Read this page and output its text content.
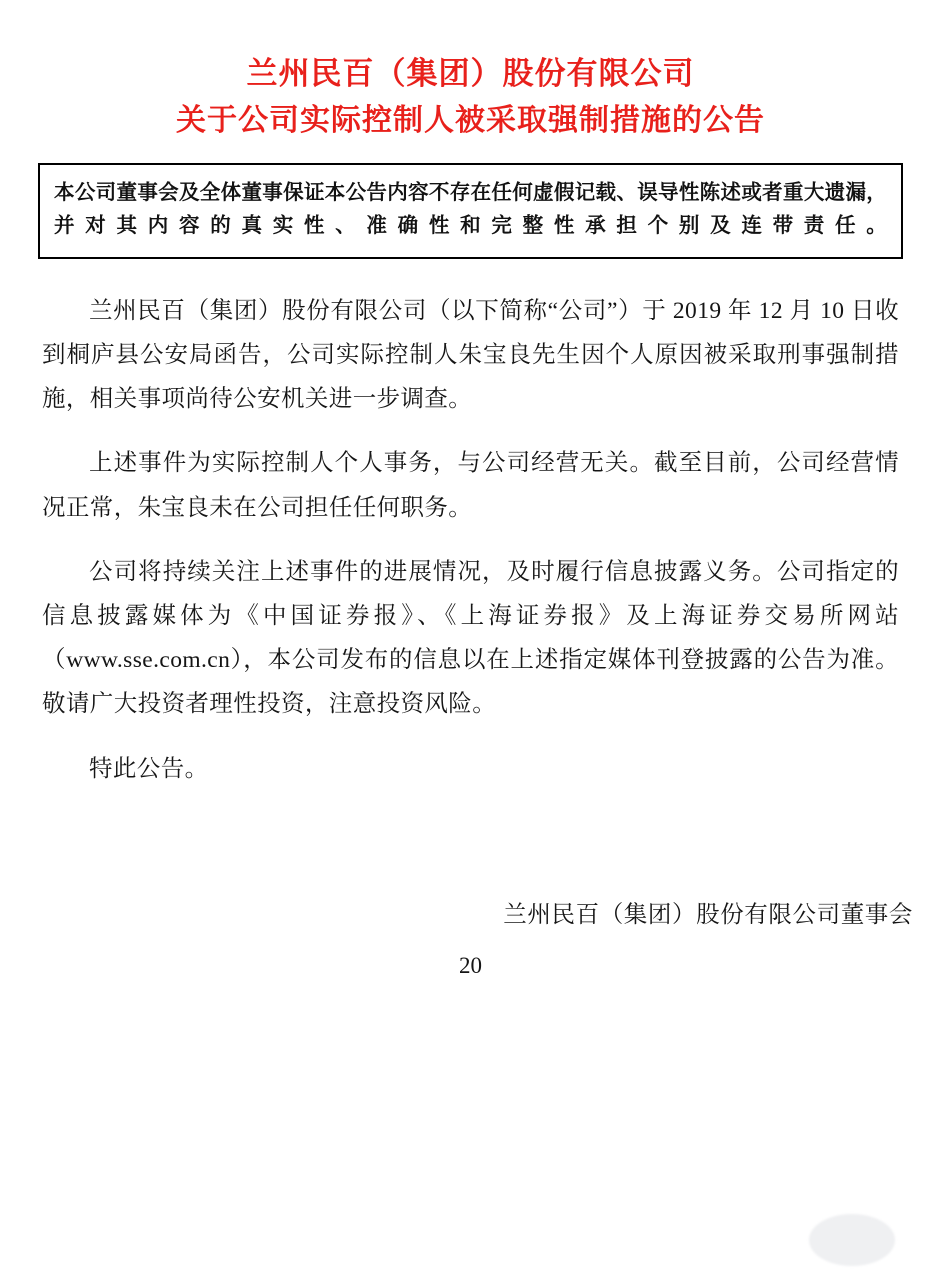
兰州民百（集团）股份有限公司
关于公司实际控制人被采取强制措施的公告
本公司董事会及全体董事保证本公告内容不存在任何虚假记载、误导性陈述或者重大遗漏，并对其内容的真实性、准确性和完整性承担个别及连带责任。

兰州民百（集团）股份有限公司（以下简称“公司”）于 2019 年 12 月 10 日收到桐庐县公安局函告，公司实际控制人朱宝良先生因个人原因被采取刑事强制措施，相关事项尚待公安机关进一步调查。

上述事件为实际控制人个人事务，与公司经营无关。截至目前，公司经营情况正常，朱宝良未在公司担任任何职务。

公司将持续关注上述事件的进展情况，及时履行信息披露义务。公司指定的信息披露媒体为《中国证券报》、《上海证券报》及上海证券交易所网站（www.sse.com.cn），本公司发布的信息以在上述指定媒体刊登披露的公告为准。敬请广大投资者理性投资，注意投资风险。

特此公告。

兰州民百（集团）股份有限公司董事会
20
